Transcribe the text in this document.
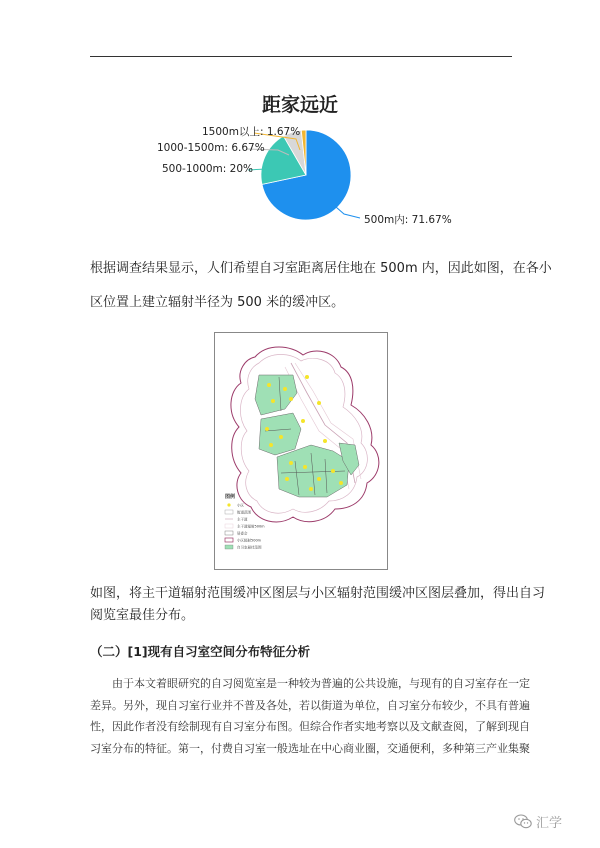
距家远近
1500m以上: 1.67%
1000-1500m: 6.67%
500-1000m: 20%
500m内: 71.67%
根据调查结果显示，人们希望自习室距离居住地在 500m 内，因此如图，在各小
区位置上建立辐射半径为 500 米的缓冲区。
图例
小区
街道范围
主干道
主干道辐射500m
居委会
小区辐射500m
自习室最佳范围
如图，将主干道辐射范围缓冲区图层与小区辐射范围缓冲区图层叠加，得出自习
阅览室最佳分布。
（二）[1]现有自习室空间分布特征分析
由于本文着眼研究的自习阅览室是一种较为普遍的公共设施，与现有的自习室存在一定
差异。另外，现自习室行业并不普及各处，若以街道为单位，自习室分布较少，不具有普遍
性，因此作者没有绘制现有自习室分布图。但综合作者实地考察以及文献查阅，了解到现自
习室分布的特征。第一，付费自习室一般选址在中心商业圈，交通便利，多种第三产业集聚
汇学
